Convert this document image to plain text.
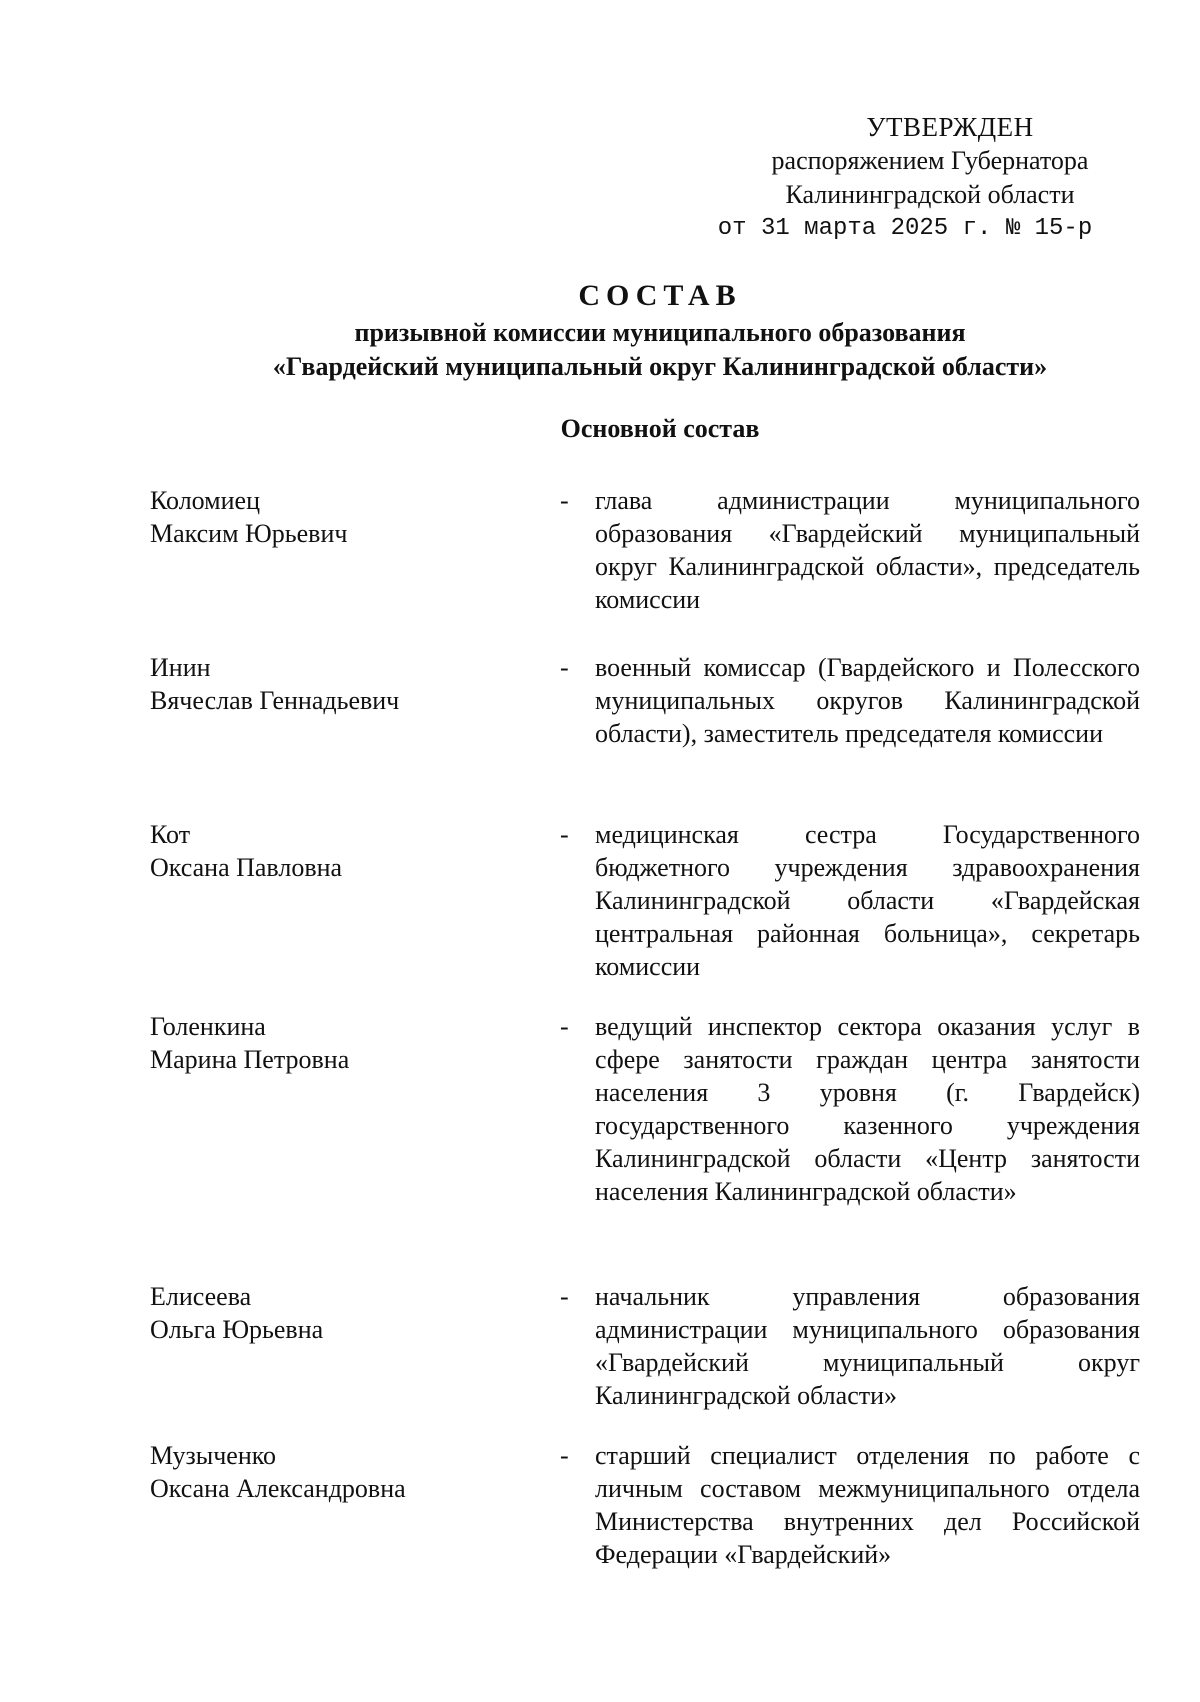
УТВЕРЖДЕН
распоряжением Губернатора
Калининградской области
от 31 марта 2025 г. № 15-р
СОСТАВ
призывной комиссии муниципального образования
«Гвардейский муниципальный округ Калининградской области»
Основной состав
Коломиец
Максим Юрьевич
- глава администрации муниципального образования «Гвардейский муниципальный округ Калининградской области», председатель комиссии
Инин
Вячеслав Геннадьевич
- военный комиссар (Гвардейского и Полесского муниципальных округов Калининградской области), заместитель председателя комиссии
Кот
Оксана Павловна
- медицинская сестра Государственного бюджетного учреждения здравоохранения Калининградской области «Гвардейская центральная районная больница», секретарь комиссии
Голенкина
Марина Петровна
- ведущий инспектор сектора оказания услуг в сфере занятости граждан центра занятости населения 3 уровня (г. Гвардейск) государственного казенного учреждения Калининградской области «Центр занятости населения Калининградской области»
Елисеева
Ольга Юрьевна
- начальник управления образования администрации муниципального образования «Гвардейский муниципальный округ Калининградской области»
Музыченко
Оксана Александровна
- старший специалист отделения по работе с личным составом межмуниципального отдела Министерства внутренних дел Российской Федерации «Гвардейский»
